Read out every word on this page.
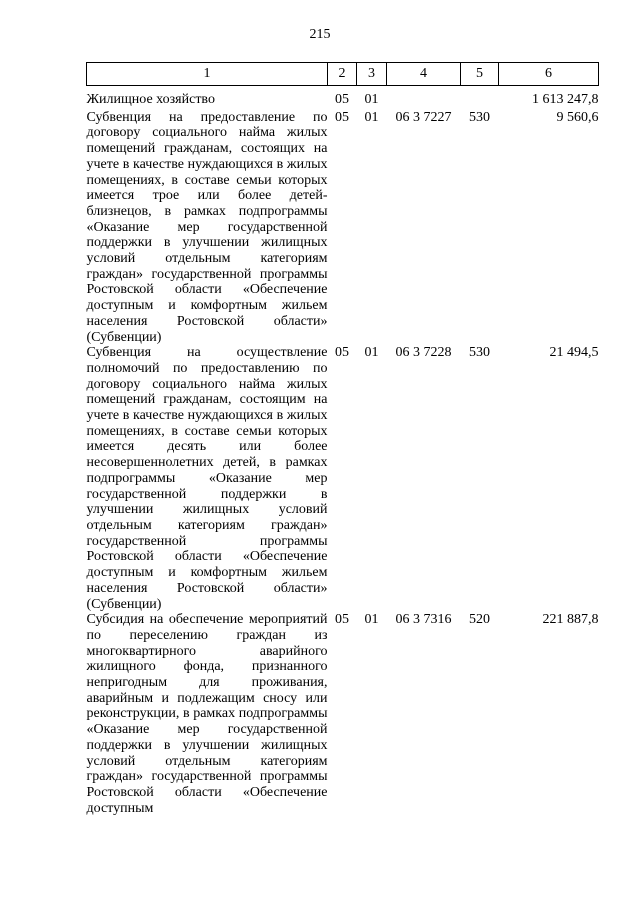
215
1	2	3	4	5	6
Жилищное хозяйство	05	01			1 613 247,8
Субвенция на предоставление по договору социального найма жилых помещений гражданам, состоящих на учете в качестве нуждающихся в жилых помещениях, в составе семьи которых имеется трое или более детей-близнецов, в рамках подпрограммы «Оказание мер государственной поддержки в улучшении жилищных условий отдельным категориям граждан» государственной программы Ростовской области «Обеспечение доступным и комфортным жильем населения Ростовской области» (Субвенции)	05	01	06 3 7227	530	9 560,6
Субвенция на осуществление полномочий по предоставлению по договору социального найма жилых помещений гражданам, состоящим на учете в качестве нуждающихся в жилых помещениях, в составе семьи которых имеется десять или более несовершеннолетних детей, в рамках подпрограммы «Оказание мер государственной поддержки в улучшении жилищных условий отдельным категориям граждан» государственной программы Ростовской области «Обеспечение доступным и комфортным жильем населения Ростовской области» (Субвенции)	05	01	06 3 7228	530	21 494,5
Субсидия на обеспечение мероприятий по переселению граждан из многоквартирного аварийного жилищного фонда, признанного непригодным для проживания, аварийным и подлежащим сносу или реконструкции, в рамках подпрограммы «Оказание мер государственной поддержки в улучшении жилищных условий отдельным категориям граждан» государственной программы Ростовской области «Обеспечение доступным	05	01	06 3 7316	520	221 887,8
